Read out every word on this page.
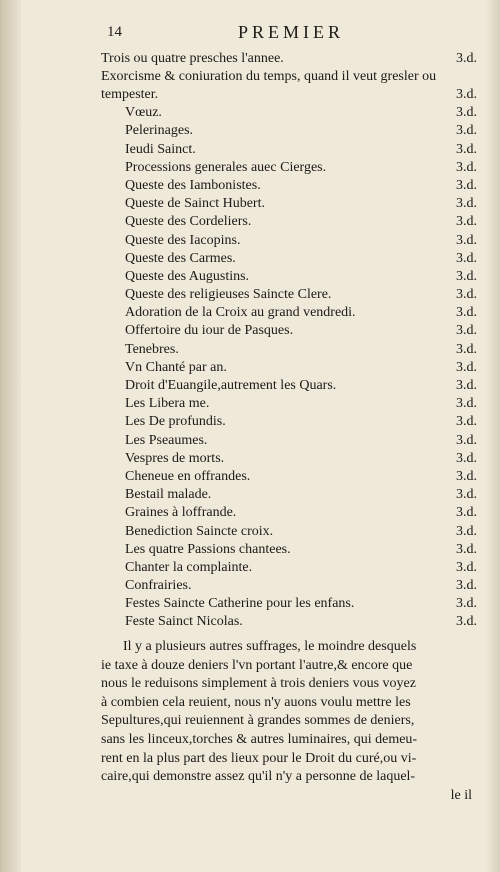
14	PREMIER
Trois ou quatre presches l'annee.	3.d.
Exorcisme & coniuration du temps, quand il veut gresler ou tempester.	3.d.
Vœuz.	3.d.
Pelerinages.	3.d.
Ieudi Sainct.	3.d.
Processions generales auec Cierges.	3.d.
Queste des Iambonistes.	3.d.
Queste de Sainct Hubert.	3.d.
Queste des Cordeliers.	3.d.
Queste des Iacopins.	3.d.
Queste des Carmes.	3.d.
Queste des Augustins.	3.d.
Queste des religieuses Saincte Clere.	3.d.
Adoration de la Croix au grand vendredi.	3.d.
Offertoire du iour de Pasques.	3.d.
Tenebres.	3.d.
Vn Chanté par an.	3.d.
Droit d'Euangile,autrement les Quars.	3.d.
Les Libera me.	3.d.
Les De profundis.	3.d.
Les Pseaumes.	3.d.
Vespres de morts.	3.d.
Cheneue en offrandes.	3.d.
Bestail malade.	3.d.
Graines à loffrande.	3.d.
Benediction Saincte croix.	3.d.
Les quatre Passions chantees.	3.d.
Chanter la complainte.	3.d.
Confrairies.	3.d.
Festes Saincte Catherine pour les enfans.	3.d.
Feste Sainct Nicolas.	3.d.
Il y a plusieurs autres suffrages, le moindre desquels
ie taxe à douze deniers l'vn portant l'autre,& encore que
nous le reduisons simplement à trois deniers vous voyez
à combien cela reuient, nous n'y auons voulu mettre les
Sepultures,qui reuiennent à grandes sommes de deniers,
sans les linceux,torches & autres luminaires, qui demeu-
rent en la plus part des lieux pour le Droit du curé,ou vi-
caire,qui demonstre assez qu'il n'y a personne de laquel-
le il
